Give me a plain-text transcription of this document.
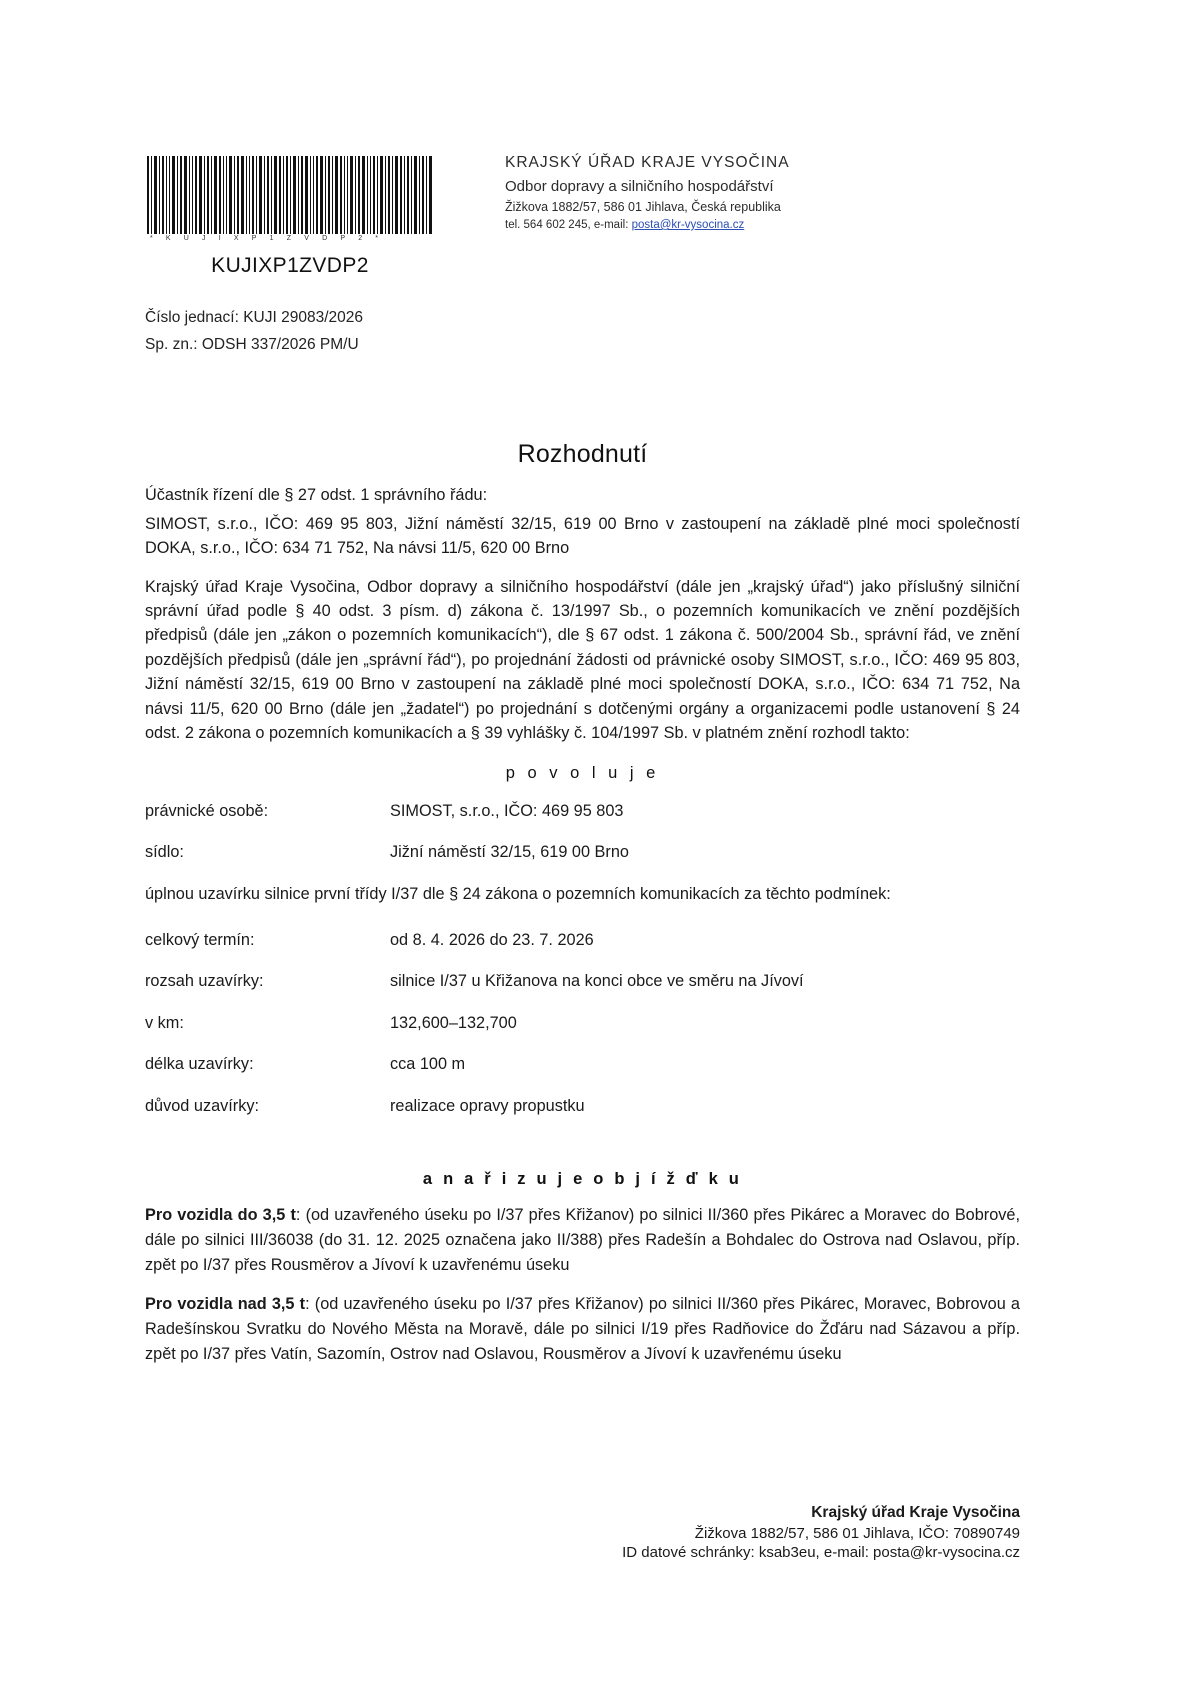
*KUJIXP1ZVDP2*
KUJIXP1ZVDP2
KRAJSKÝ ÚŘAD KRAJE VYSOČINA
Odbor dopravy a silničního hospodářství
Žižkova 1882/57, 586 01 Jihlava, Česká republika
tel. 564 602 245, e-mail: posta@kr-vysocina.cz
Číslo jednací: KUJI 29083/2026
Sp. zn.: ODSH 337/2026 PM/U
Rozhodnutí

Účastník řízení dle § 27 odst. 1 správního řádu:

SIMOST, s.r.o., IČO: 469 95 803, Jižní náměstí 32/15, 619 00 Brno v zastoupení na základě plné moci společností DOKA, s.r.o., IČO: 634 71 752, Na návsi 11/5, 620 00 Brno

Krajský úřad Kraje Vysočina, Odbor dopravy a silničního hospodářství (dále jen „krajský úřad“) jako příslušný silniční správní úřad podle § 40 odst. 3 písm. d) zákona č. 13/1997 Sb., o pozemních komunikacích ve znění pozdějších předpisů (dále jen „zákon o pozemních komunikacích“), dle § 67 odst. 1 zákona č. 500/2004 Sb., správní řád, ve znění pozdějších předpisů (dále jen „správní řád“), po projednání žádosti od právnické osoby SIMOST, s.r.o., IČO: 469 95 803, Jižní náměstí 32/15, 619 00 Brno v zastoupení na základě plné moci společností DOKA, s.r.o., IČO: 634 71 752, Na návsi 11/5, 620 00 Brno (dále jen „žadatel“) po projednání s dotčenými orgány a organizacemi podle ustanovení § 24 odst. 2 zákona o pozemních komunikacích a § 39 vyhlášky č. 104/1997 Sb. v platném znění rozhodl takto:

p o v o l u j e
právnické osobě:	SIMOST, s.r.o., IČO: 469 95 803
sídlo:	Jižní náměstí 32/15, 619 00 Brno

úplnou uzavírku silnice první třídy I/37 dle § 24 zákona o pozemních komunikacích za těchto podmínek:

celkový termín:	od 8. 4. 2026 do 23. 7. 2026
rozsah uzavírky:	silnice I/37 u Křižanova na konci obce ve směru na Jívoví
v km:	132,600–132,700
délka uzavírky:	cca 100 m
důvod uzavírky:	realizace opravy propustku
a n a ř i z u j e o b j í ž ď k u

Pro vozidla do 3,5 t: (od uzavřeného úseku po I/37 přes Křižanov) po silnici II/360 přes Pikárec a Moravec do Bobrové, dále po silnici III/36038 (do 31. 12. 2025 označena jako II/388) přes Radešín a Bohdalec do Ostrova nad Oslavou, příp. zpět po I/37 přes Rousměrov a Jívoví k uzavřenému úseku

Pro vozidla nad 3,5 t: (od uzavřeného úseku po I/37 přes Křižanov) po silnici II/360 přes Pikárec, Moravec, Bobrovou a Radešínskou Svratku do Nového Města na Moravě, dále po silnici I/19 přes Radňovice do Žďáru nad Sázavou a příp. zpět po I/37 přes Vatín, Sazomín, Ostrov nad Oslavou, Rousměrov a Jívoví k uzavřenému úseku

Krajský úřad Kraje Vysočina
Žižkova 1882/57, 586 01 Jihlava, IČO: 70890749
ID datové schránky: ksab3eu, e-mail: posta@kr-vysocina.cz
